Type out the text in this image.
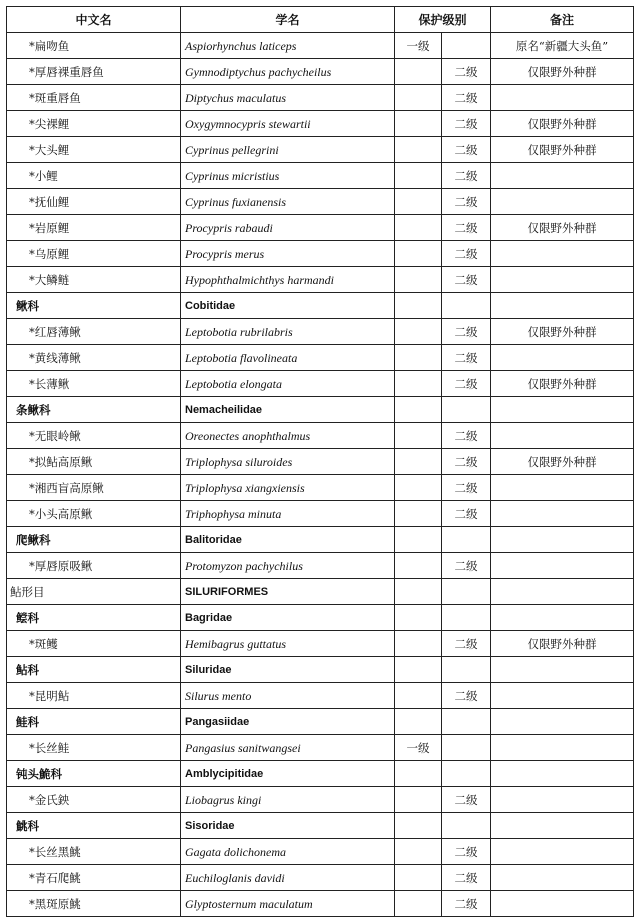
中文名	学名	保护级别		备注
*扁吻鱼	Aspiorhynchus laticeps	一级		原名“新疆大头鱼”
*厚唇裸重唇鱼	Gymnodiptychus pachycheilus		二级	仅限野外种群
*斑重唇鱼	Diptychus maculatus		二级	
*尖裸鲤	Oxygymnocypris stewartii		二级	仅限野外种群
*大头鲤	Cyprinus pellegrini		二级	仅限野外种群
*小鲤	Cyprinus micristius		二级	
*抚仙鲤	Cyprinus fuxianensis		二级	
*岩原鲤	Procypris rabaudi		二级	仅限野外种群
*乌原鲤	Procypris merus		二级	
*大鳞鲢	Hypophthalmichthys harmandi		二级	
鳅科	Cobitidae			
*红唇薄鳅	Leptobotia rubrilabris		二级	仅限野外种群
*黄线薄鳅	Leptobotia flavolineata		二级	
*长薄鳅	Leptobotia elongata		二级	仅限野外种群
条鳅科	Nemacheilidae			
*无眼岭鳅	Oreonectes anophthalmus		二级	
*拟鲇高原鳅	Triplophysa siluroides		二级	仅限野外种群
*湘西盲高原鳅	Triplophysa xiangxiensis		二级	
*小头高原鳅	Triphophysa minuta		二级	
爬鳅科	Balitoridae			
*厚唇原吸鳅	Protomyzon pachychilus		二级	
鲇形目	SILURIFORMES			
鲿科	Bagridae			
*斑鳠	Hemibagrus guttatus		二级	仅限野外种群
鲇科	Siluridae			
*昆明鲇	Silurus mento		二级	
鲑科	Pangasiidae			
*长丝鲑	Pangasius sanitwangsei	一级		
钝头鮠科	Amblycipitidae			
*金氏鉠	Liobagrus kingi		二级	
鮡科	Sisoridae			
*长丝黑鮡	Gagata dolichonema		二级	
*青石爬鮡	Euchiloglanis davidi		二级	
*黑斑原鮡	Glyptosternum maculatum		二级	
